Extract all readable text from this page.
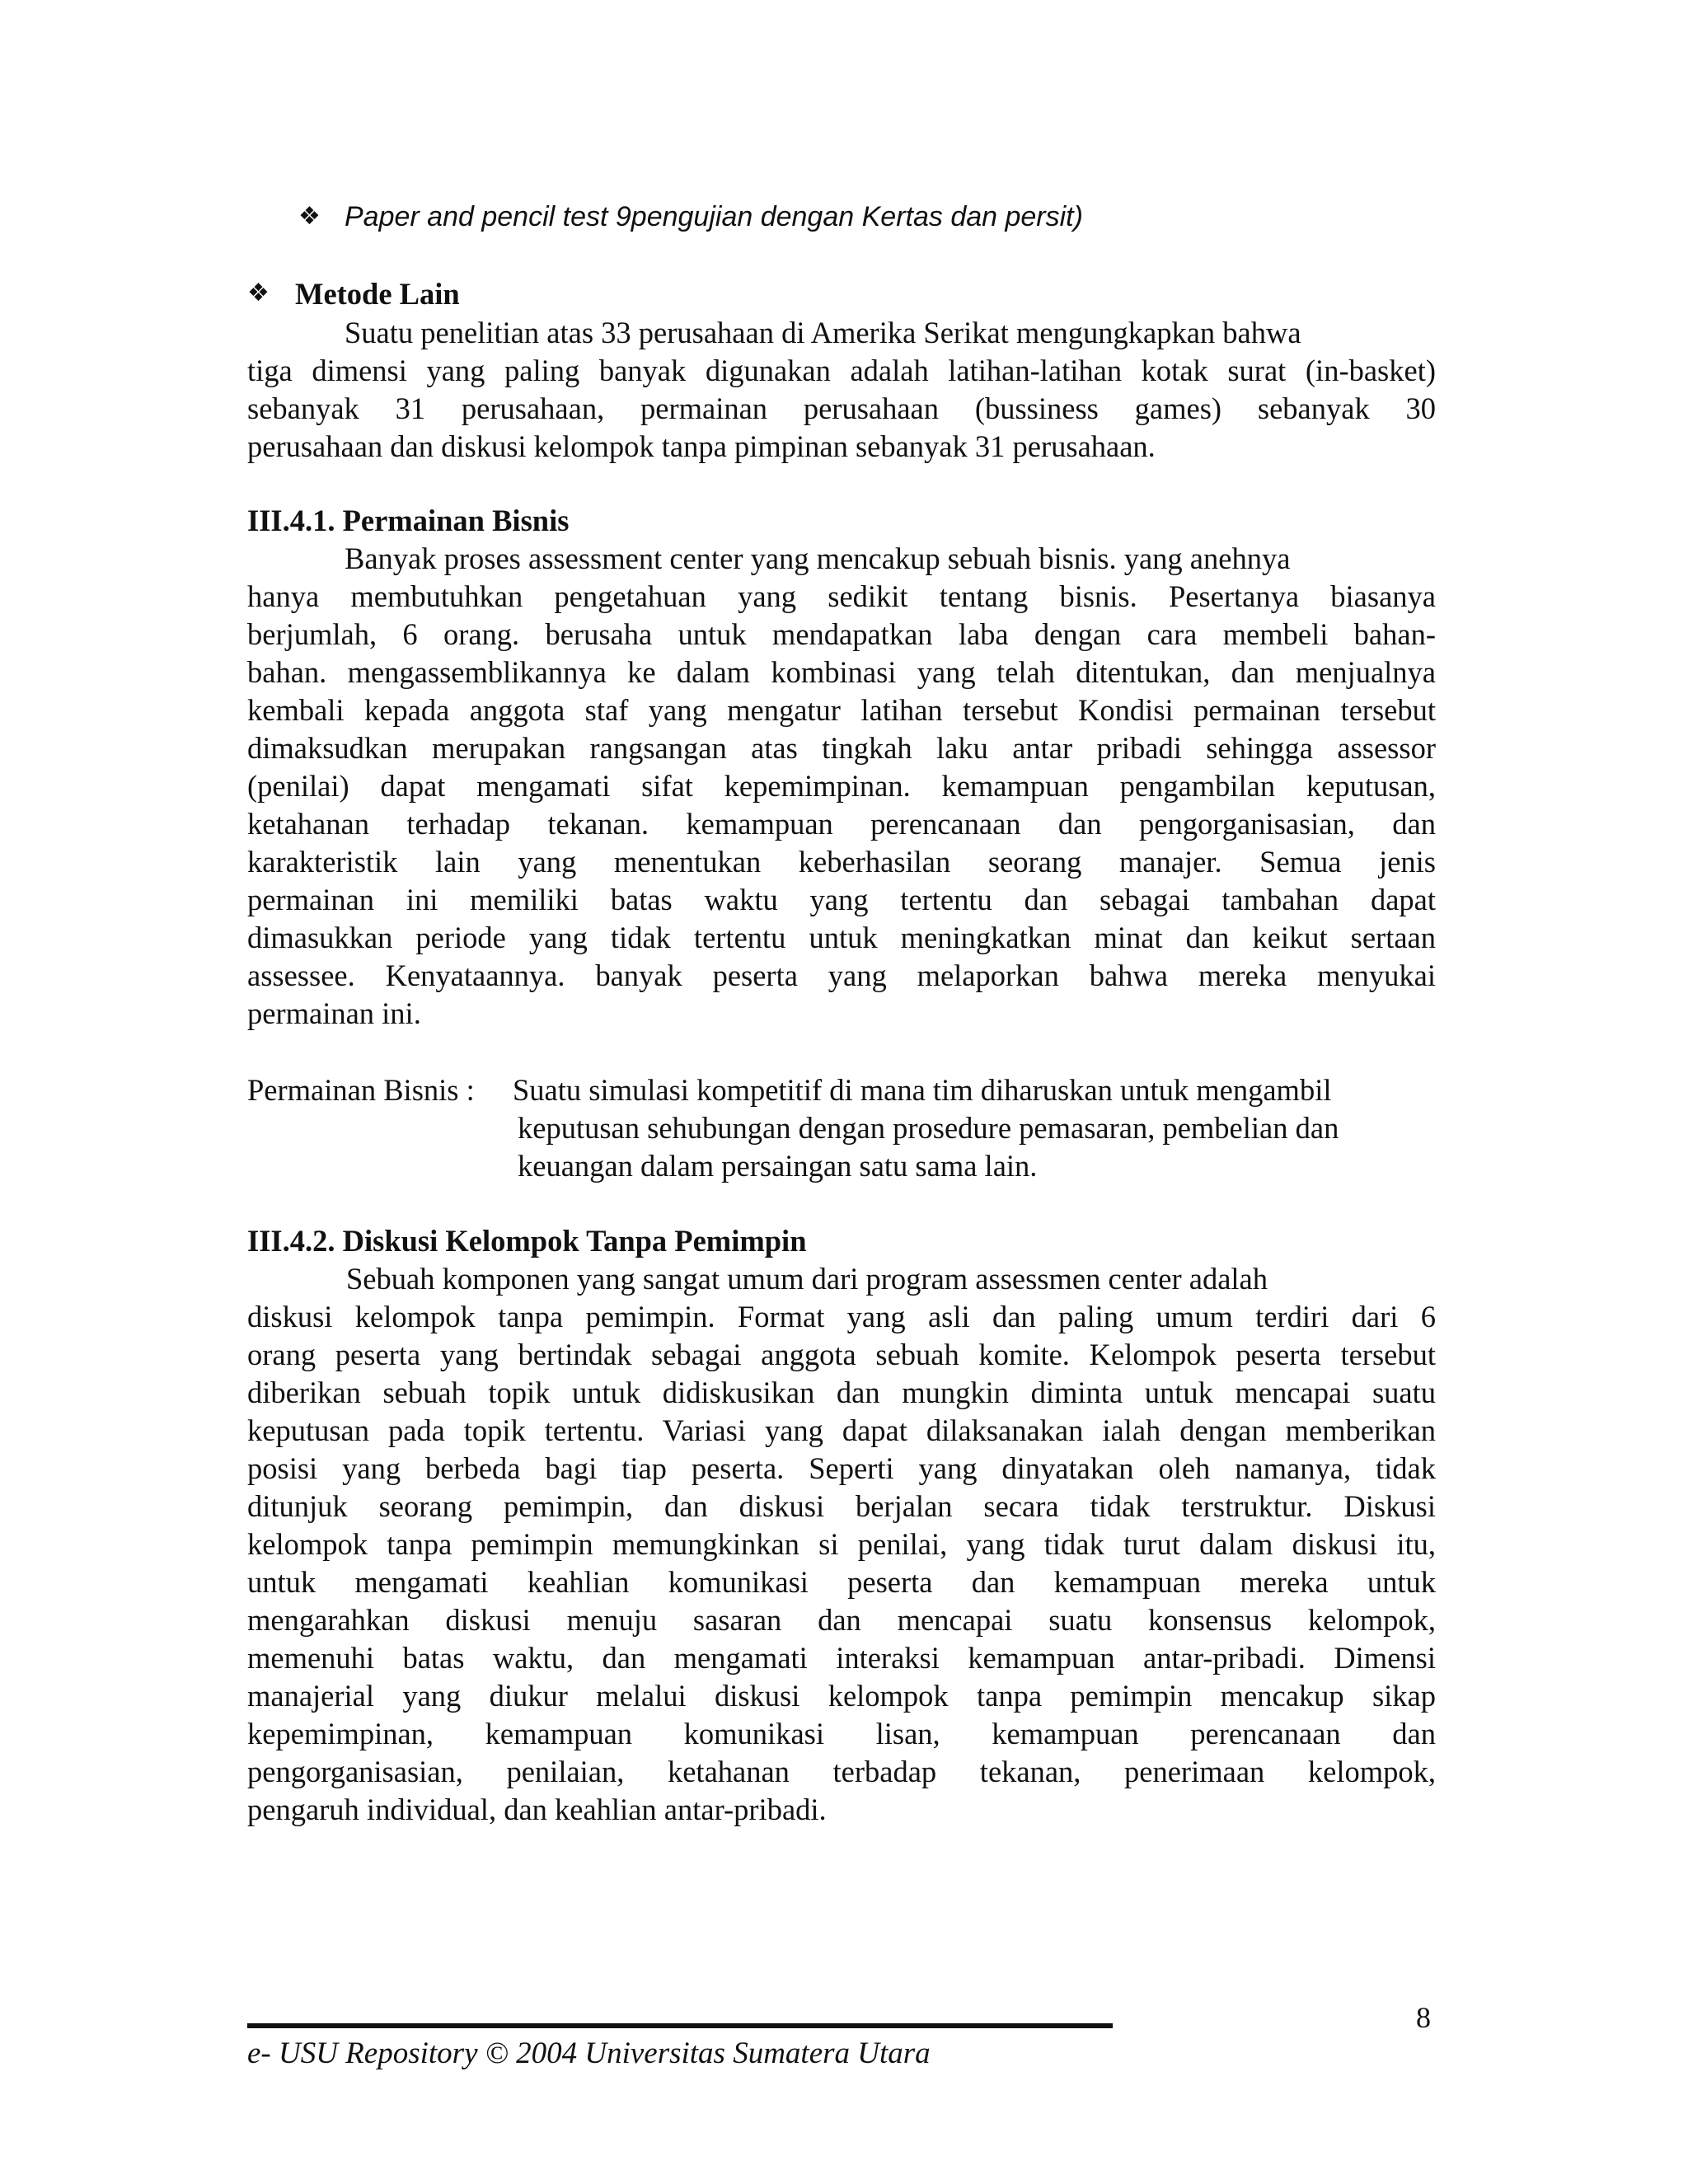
❖ Paper and pencil test 9pengujian dengan Kertas dan persit)
❖ Metode Lain
Suatu penelitian atas 33 perusahaan di Amerika Serikat mengungkapkan bahwa
tiga dimensi yang paling banyak digunakan adalah latihan-latihan kotak surat (in-basket)
sebanyak 31 perusahaan, permainan perusahaan (bussiness games) sebanyak 30
perusahaan dan diskusi kelompok tanpa pimpinan sebanyak 31 perusahaan.
III.4.1. Permainan Bisnis
Banyak proses assessment center yang mencakup sebuah bisnis. yang anehnya
hanya membutuhkan pengetahuan yang sedikit tentang bisnis. Pesertanya biasanya
berjumlah, 6 orang. berusaha untuk mendapatkan laba dengan cara membeli bahan-
bahan. mengassemblikannya ke dalam kombinasi yang telah ditentukan, dan menjualnya
kembali kepada anggota staf yang mengatur latihan tersebut Kondisi permainan tersebut
dimaksudkan merupakan rangsangan atas tingkah laku antar pribadi sehingga assessor
(penilai) dapat mengamati sifat kepemimpinan. kemampuan pengambilan keputusan,
ketahanan terhadap tekanan. kemampuan perencanaan dan pengorganisasian, dan
karakteristik lain yang menentukan keberhasilan seorang manajer. Semua jenis
permainan ini memiliki batas waktu yang tertentu dan sebagai tambahan dapat
dimasukkan periode yang tidak tertentu untuk meningkatkan minat dan keikut sertaan
assessee. Kenyataannya. banyak peserta yang melaporkan bahwa mereka menyukai
permainan ini.
Permainan Bisnis : Suatu simulasi kompetitif di mana tim diharuskan untuk mengambil
keputusan sehubungan dengan prosedure pemasaran, pembelian dan
keuangan dalam persaingan satu sama lain.
III.4.2. Diskusi Kelompok Tanpa Pemimpin
Sebuah komponen yang sangat umum dari program assessmen center adalah
diskusi kelompok tanpa pemimpin. Format yang asli dan paling umum terdiri dari 6
orang peserta yang bertindak sebagai anggota sebuah komite. Kelompok peserta tersebut
diberikan sebuah topik untuk didiskusikan dan mungkin diminta untuk mencapai suatu
keputusan pada topik tertentu. Variasi yang dapat dilaksanakan ialah dengan memberikan
posisi yang berbeda bagi tiap peserta. Seperti yang dinyatakan oleh namanya, tidak
ditunjuk seorang pemimpin, dan diskusi berjalan secara tidak terstruktur. Diskusi
kelompok tanpa pemimpin memungkinkan si penilai, yang tidak turut dalam diskusi itu,
untuk mengamati keahlian komunikasi peserta dan kemampuan mereka untuk
mengarahkan diskusi menuju sasaran dan mencapai suatu konsensus kelompok,
memenuhi batas waktu, dan mengamati interaksi kemampuan antar-pribadi. Dimensi
manajerial yang diukur melalui diskusi kelompok tanpa pemimpin mencakup sikap
kepemimpinan, kemampuan komunikasi lisan, kemampuan perencanaan dan
pengorganisasian, penilaian, ketahanan terbadap tekanan, penerimaan kelompok,
pengaruh individual, dan keahlian antar-pribadi.
8
e- USU Repository © 2004 Universitas Sumatera Utara
